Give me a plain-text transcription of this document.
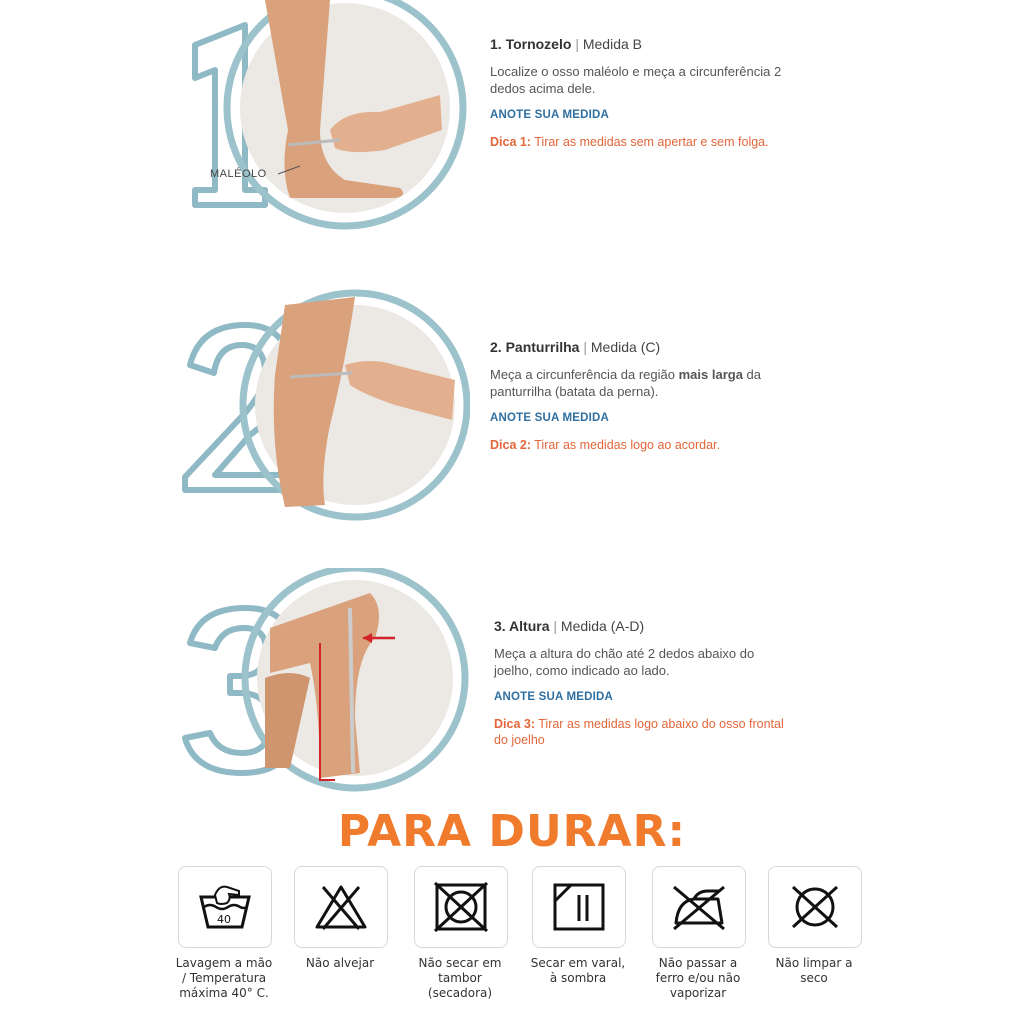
MALÉOLO
1. Tornozelo | Medida B
Localize o osso maléolo e meça a circunferência 2 dedos acima dele.
ANOTE SUA MEDIDA
Dica 1: Tirar as medidas sem apertar e sem folga.
2. Panturrilha | Medida (C)
Meça a circunferência da região mais larga da panturrilha (batata da perna).
ANOTE SUA MEDIDA
Dica 2: Tirar as medidas logo ao acordar.
3. Altura | Medida (A-D)
Meça a altura do chão até 2 dedos abaixo do joelho, como indicado ao lado.
ANOTE SUA MEDIDA
Dica 3: Tirar as medidas logo abaixo do osso frontal do joelho
PARA DURAR:
40
Lavagem a mão / Temperatura máxima 40° C.
Não alvejar	Não secar em tambor (secadora)
Secar em varal, à sombra
Não passar a ferro e/ou não vaporizar
Não limpar a seco
